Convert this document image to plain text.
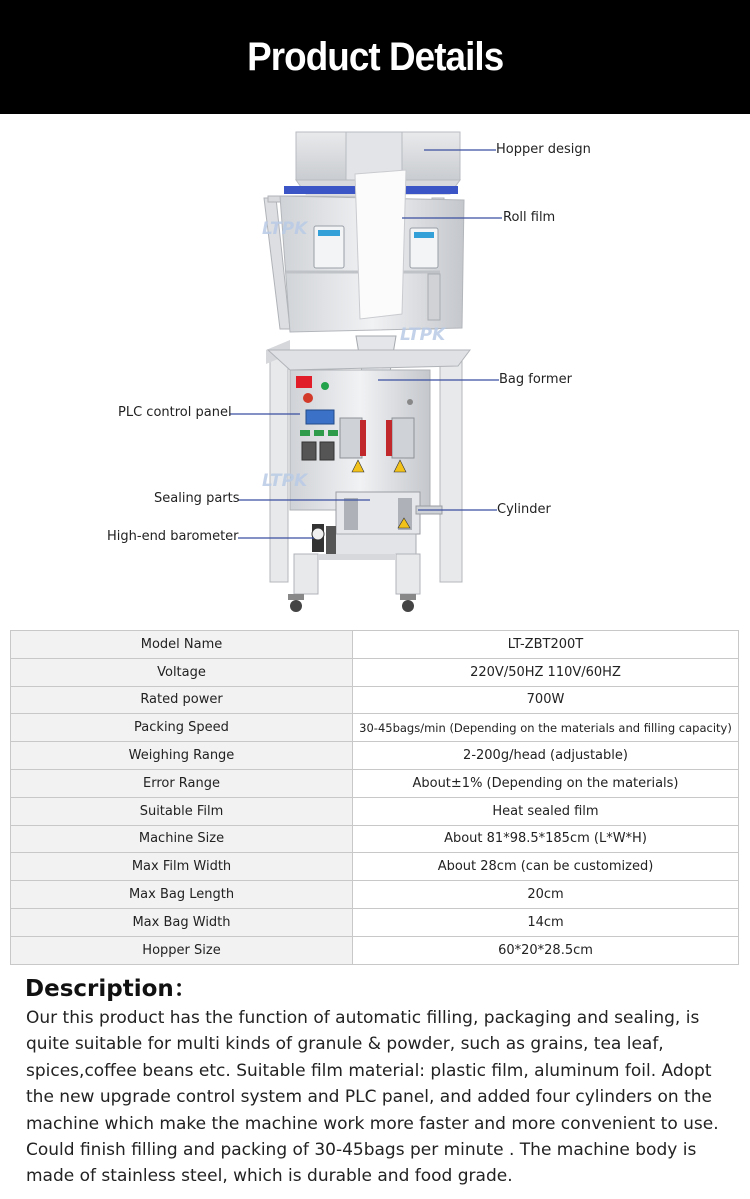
Product Details
LTPK
LTPK
LTPK
Hopper design
Roll film
Bag former
PLC control panel
Sealing parts
Cylinder
High-end barometer
Model Name	LT-ZBT200T
Voltage	220V/50HZ 110V/60HZ
Rated power	700W
Packing Speed	30-45bags/min (Depending on the materials and filling capacity)
Weighing Range	2-200g/head (adjustable)
Error Range	About±1% (Depending on the materials)
Suitable Film	Heat sealed film
Machine Size	About 81*98.5*185cm (L*W*H)
Max Film Width	About 28cm (can be customized)
Max Bag Length	20cm
Max Bag Width	14cm
Hopper Size	60*20*28.5cm
Description：

Our this product has the function of automatic filling, packaging and sealing, is quite suitable for multi kinds of granule & powder, such as grains, tea leaf, spices,coffee beans etc. Suitable film material: plastic film, aluminum foil. Adopt the new upgrade control system and PLC panel, and added four cylinders on the machine which make the machine work more faster and more convenient to use. Could finish filling and packing of 30-45bags per minute . The machine body is made of stainless steel, which is durable and food grade.
